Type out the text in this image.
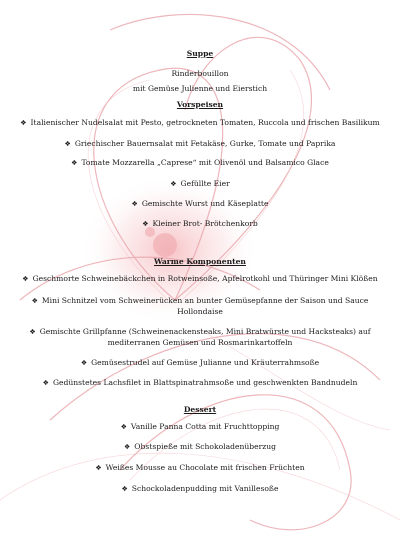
Suppe
Rinderbouillon
mit Gemüse Julienne und Eierstich
Vorspeisen
❖ Italienischer Nudelsalat mit Pesto, getrockneten Tomaten, Ruccola und frischen Basilikum
❖ Griechischer Bauernsalat mit Fetakäse, Gurke, Tomate und Paprika
❖ Tomate Mozzarella „Caprese“ mit Olivenöl und Balsamico Glace
❖ Gefüllte Eier
❖ Gemischte Wurst und Käseplatte
❖ Kleiner Brot- Brötchenkorb
Warme Komponenten
❖ Geschmorte Schweinebäckchen in Rotweinsoße, Apfelrotkohl und Thüringer Mini Klößen
❖ Mini Schnitzel vom Schweinerücken an bunter Gemüsepfanne der Saison und Sauce
Hollondaise
❖ Gemischte Grillpfanne (Schweinenackensteaks, Mini Bratwürste und Hacksteaks) auf
mediterranen Gemüsen und Rosmarinkartoffeln
❖ Gemüsestrudel auf Gemüse Julianne und Kräuterrahmsoße
❖ Gedünstetes Lachsfilet in Blattspinatrahmsoße und geschwenkten Bandnudeln
Dessert
❖ Vanille Panna Cotta mit Fruchttopping
❖ Obstspieße mit Schokoladenüberzug
❖ Weißes Mousse au Chocolate mit frischen Früchten
❖ Schockoladenpudding mit Vanillesoße
